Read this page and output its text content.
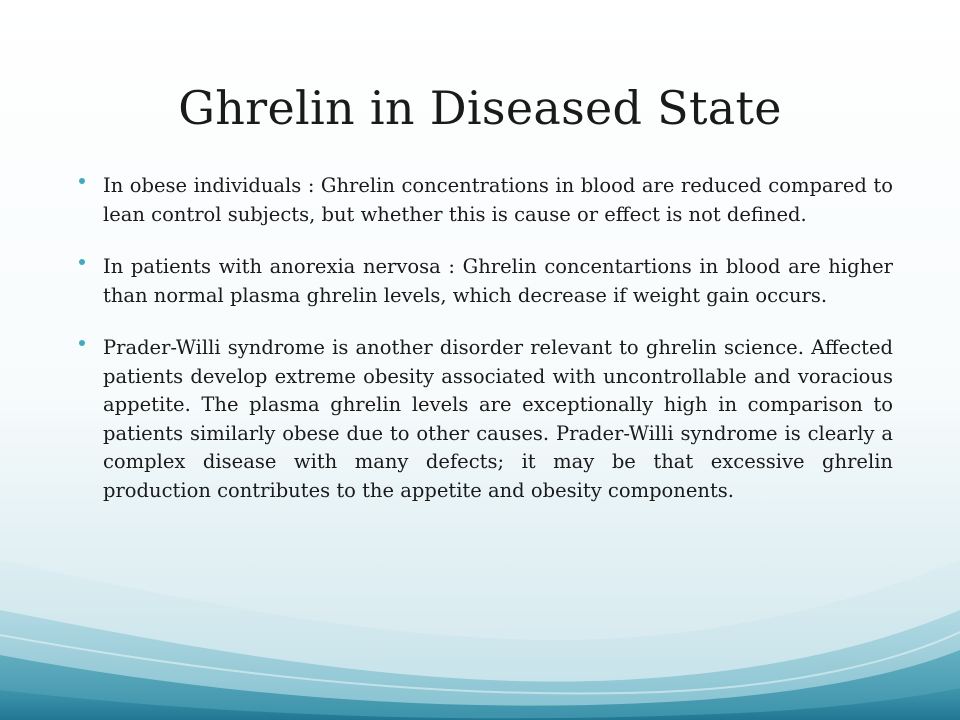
Ghrelin in Diseased State
In obese individuals : Ghrelin concentrations in blood are reduced compared to lean control subjects, but whether this is cause or effect is not defined.
In patients with anorexia nervosa : Ghrelin concentartions in blood are higher than normal plasma ghrelin levels, which decrease if weight gain occurs.
Prader-Willi syndrome is another disorder relevant to ghrelin science. Affected patients develop extreme obesity associated with uncontrollable and voracious appetite. The plasma ghrelin levels are exceptionally high in comparison to patients similarly obese due to other causes. Prader-Willi syndrome is clearly a complex disease with many defects; it may be that excessive ghrelin production contributes to the appetite and obesity components.
